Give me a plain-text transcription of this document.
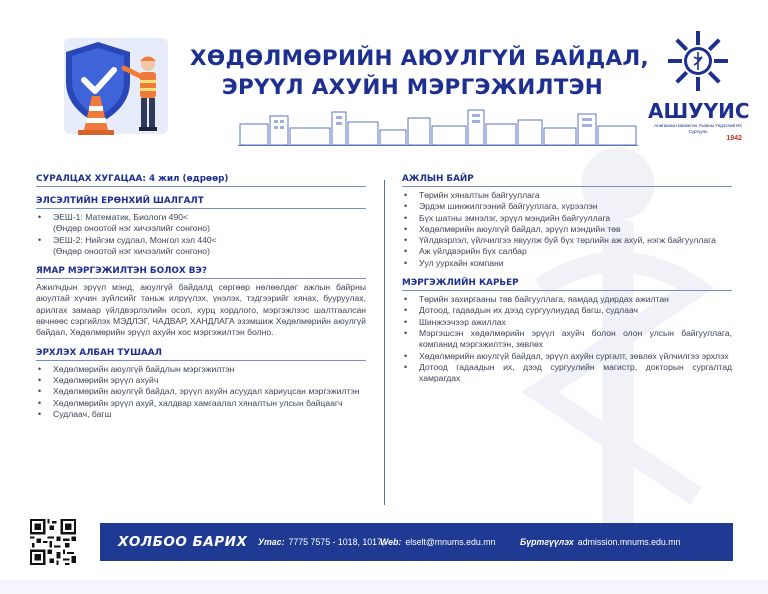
ХӨДӨЛМӨРИЙН АЮУЛГҮЙ БАЙДАЛ,
ЭРҮҮЛ АХУЙН МЭРГЭЖИЛТЭН
АШУҮИС
Анагаахын Шинжлэх Ухааны Үндэсний Их Сургууль
1942
СУРАЛЦАХ ХУГАЦАА: 4 жил (өдрөөр)
ЭЛСЭЛТИЙН ЕРӨНХИЙ ШАЛГАЛТ
• ЭЕШ-1: Математик, Биологи 490<
(Өндөр оноотой нэг хичээлийг сонгоно)
• ЭЕШ-2: Нийгэм судлал, Монгол хэл 440<
(Өндөр оноотой нэг хичээлийг сонгоно)
ЯМАР МЭРГЭЖИЛТЭН БОЛОХ ВЭ?

Ажилчдын эрүүл мэнд, аюулгүй байдалд сөргөөр нөлөөлдөг ажлын байрны аюултай хүчин зүйлсийг таньж илрүүлэх, үнэлэх, тэдгээрийг хянах, бууруулах, арилгах замаар үйлдвэрлэлийн осол, хурц хордлого, мэргэжлээс шалтгаалсан өвчнөөс сэргийлэх МЭДЛЭГ, ЧАДВАР, ХАНДЛАГА эзэмшиж Хөдөлмөрийн аюулгүй байдал, Хөдөлмөрийн эрүүл ахуйн хос мэргэжилтэн болно.

ЭРХЛЭХ АЛБАН ТУШААЛ
• Хөдөлмөрийн аюулгүй байдлын мэргэжилтэн
• Хөдөлмөрийн эрүүл ахуйч
• Хөдөлмөрийн аюулгүй байдал, эрүүл ахуйн асуудал хариуцсан мэргэжилтэн
• Хөдөлмөрийн эрүүл ахуй, халдвар хамгаалал хяналтын улсын байцаагч
• Судлаач, багш
АЖЛЫН БАЙР
• Төрийн хяналтын байгууллага
• Эрдэм шинжилгээний байгууллага, хүрээлэн
• Бүх шатны эмнэлэг, эрүүл мэндийн байгууллага
• Хөдөлмөрийн аюулгүй байдал, эрүүл мэндийн төв
• Үйлдвэрлэл, үйлчилгээ явуулж буй бүх төрлийн аж ахуй, нэгж байгууллага
• Аж үйлдвэрийн бүх салбар
• Уул уурхайн компани
МЭРГЭЖЛИЙН КАРЬЕР
• Төрийн захиргааны төв байгууллага, яамдад удирдах ажилтан
• Дотоод, гадаадын их дээд сургуулиудад багш, судлаач
• Шинжээчээр ажиллах
• Мэргэшсэн хөдөлмөрийн эрүүл ахуйч болон олон улсын байгууллага, компанид мэргэжилтэн, зөвлөх
• Хөдөлмөрийн аюулгүй байдал, эрүүл ахуйн сургалт, зөвлөх үйлчилгээ эрхлэх
• Дотоод гадаадын их, дээд сургуулийн магистр, докторын сургалтад хамрагдах
ХОЛБОО БАРИХ Утас: 7775 7575 - 1018, 1017,
Web: elselt@mnums.edu.mn	Бүртгүүлэх admission.mnums.edu.mn
